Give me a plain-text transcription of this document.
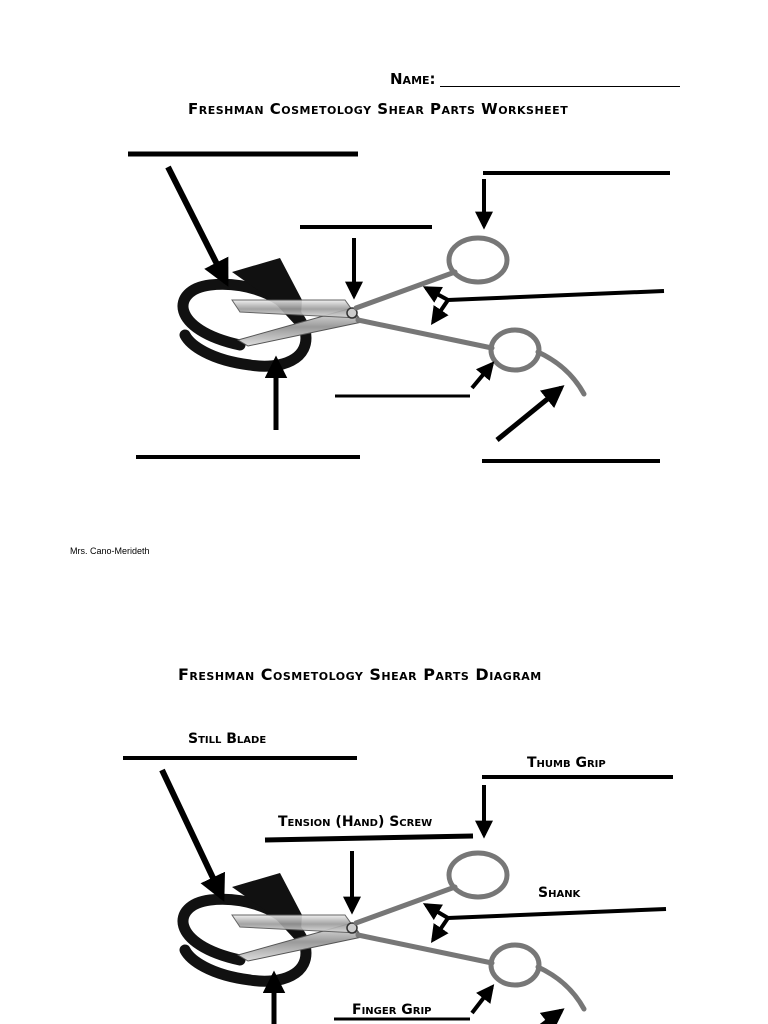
Name:
Freshman Cosmetology Shear Parts Worksheet
Mrs. Cano-Merideth
Freshman Cosmetology Shear Parts Diagram
Still Blade
Thumb Grip
Tension (Hand) Screw
Shank
Finger Grip
